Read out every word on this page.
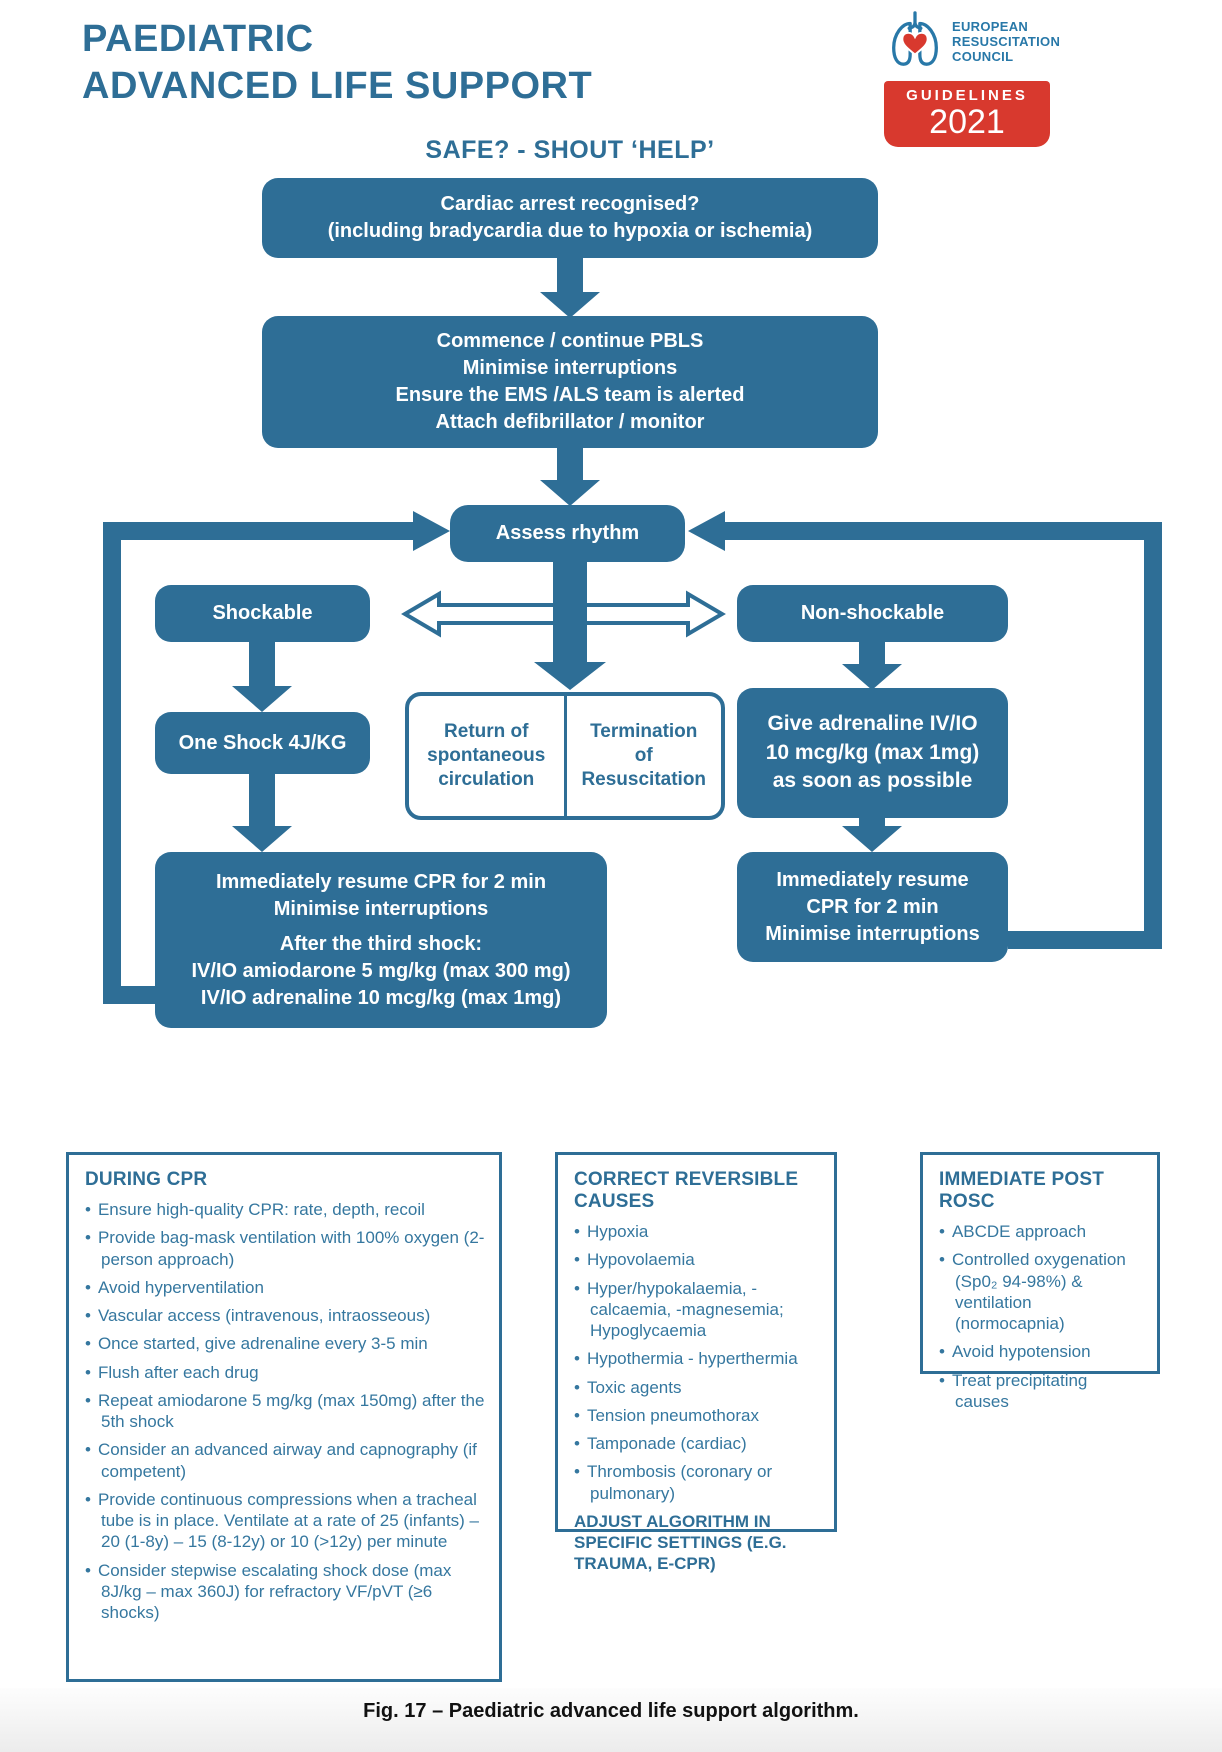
PAEDIATRIC
ADVANCED LIFE SUPPORT
EUROPEAN
RESUSCITATION
COUNCIL
GUIDELINES
2021
SAFE? - SHOUT ‘HELP’
Cardiac arrest recognised?
(including bradycardia due to hypoxia or ischemia)
Commence / continue PBLS
Minimise interruptions
Ensure the EMS /ALS team is alerted
Attach defibrillator / monitor
Assess rhythm
Shockable	Non-shockable
One Shock 4J/KG	Return of
spontaneous
circulation
Termination
of
Resuscitation
Give adrenaline IV/IO
10 mcg/kg (max 1mg)
as soon as possible
Immediately resume CPR for 2 min
Minimise interruptions
After the third shock:
IV/IO amiodarone 5 mg/kg (max 300 mg)
IV/IO adrenaline 10 mcg/kg (max 1mg)
Immediately resume
CPR for 2 min
Minimise interruptions
DURING CPR
• Ensure high-quality CPR: rate, depth, recoil
• Provide bag-mask ventilation with 100% oxygen (2-person approach)
• Avoid hyperventilation
• Vascular access (intravenous, intraosseous)
• Once started, give adrenaline every 3-5 min
• Flush after each drug
• Repeat amiodarone 5 mg/kg (max 150mg) after the 5th shock
• Consider an advanced airway and capnography (if competent)
• Provide continuous compressions when a tracheal tube is in place. Ventilate at a rate of 25 (infants) – 20 (1-8y) – 15 (8-12y) or 10 (>12y) per minute
• Consider stepwise escalating shock dose (max 8J/kg – max 360J) for refractory VF/pVT (≥6 shocks)
CORRECT REVERSIBLE CAUSES
• Hypoxia
• Hypovolaemia
• Hyper/hypokalaemia, -calcaemia, -magnesemia; Hypoglycaemia
• Hypothermia - hyperthermia
• Toxic agents
• Tension pneumothorax
• Tamponade (cardiac)
• Thrombosis (coronary or pulmonary)
ADJUST ALGORITHM IN SPECIFIC SETTINGS (E.G. TRAUMA, E-CPR)
IMMEDIATE POST ROSC
• ABCDE approach
• Controlled oxygenation (Sp0₂ 94-98%) & ventilation (normocapnia)
• Avoid hypotension
• Treat precipitating causes
Fig. 17 – Paediatric advanced life support algorithm.
